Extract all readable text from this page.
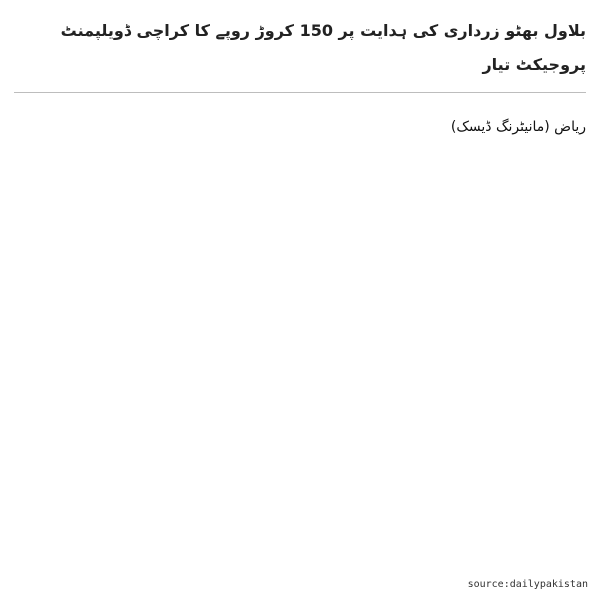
بلاول بھٹو زرداری کی ہدایت پر 150 کروڑ روپے کا کراچی ڈویلپمنٹ پروجیکٹ تیار

ریاض (مانیٹرنگ ڈیسک)

source:dailypakistan
